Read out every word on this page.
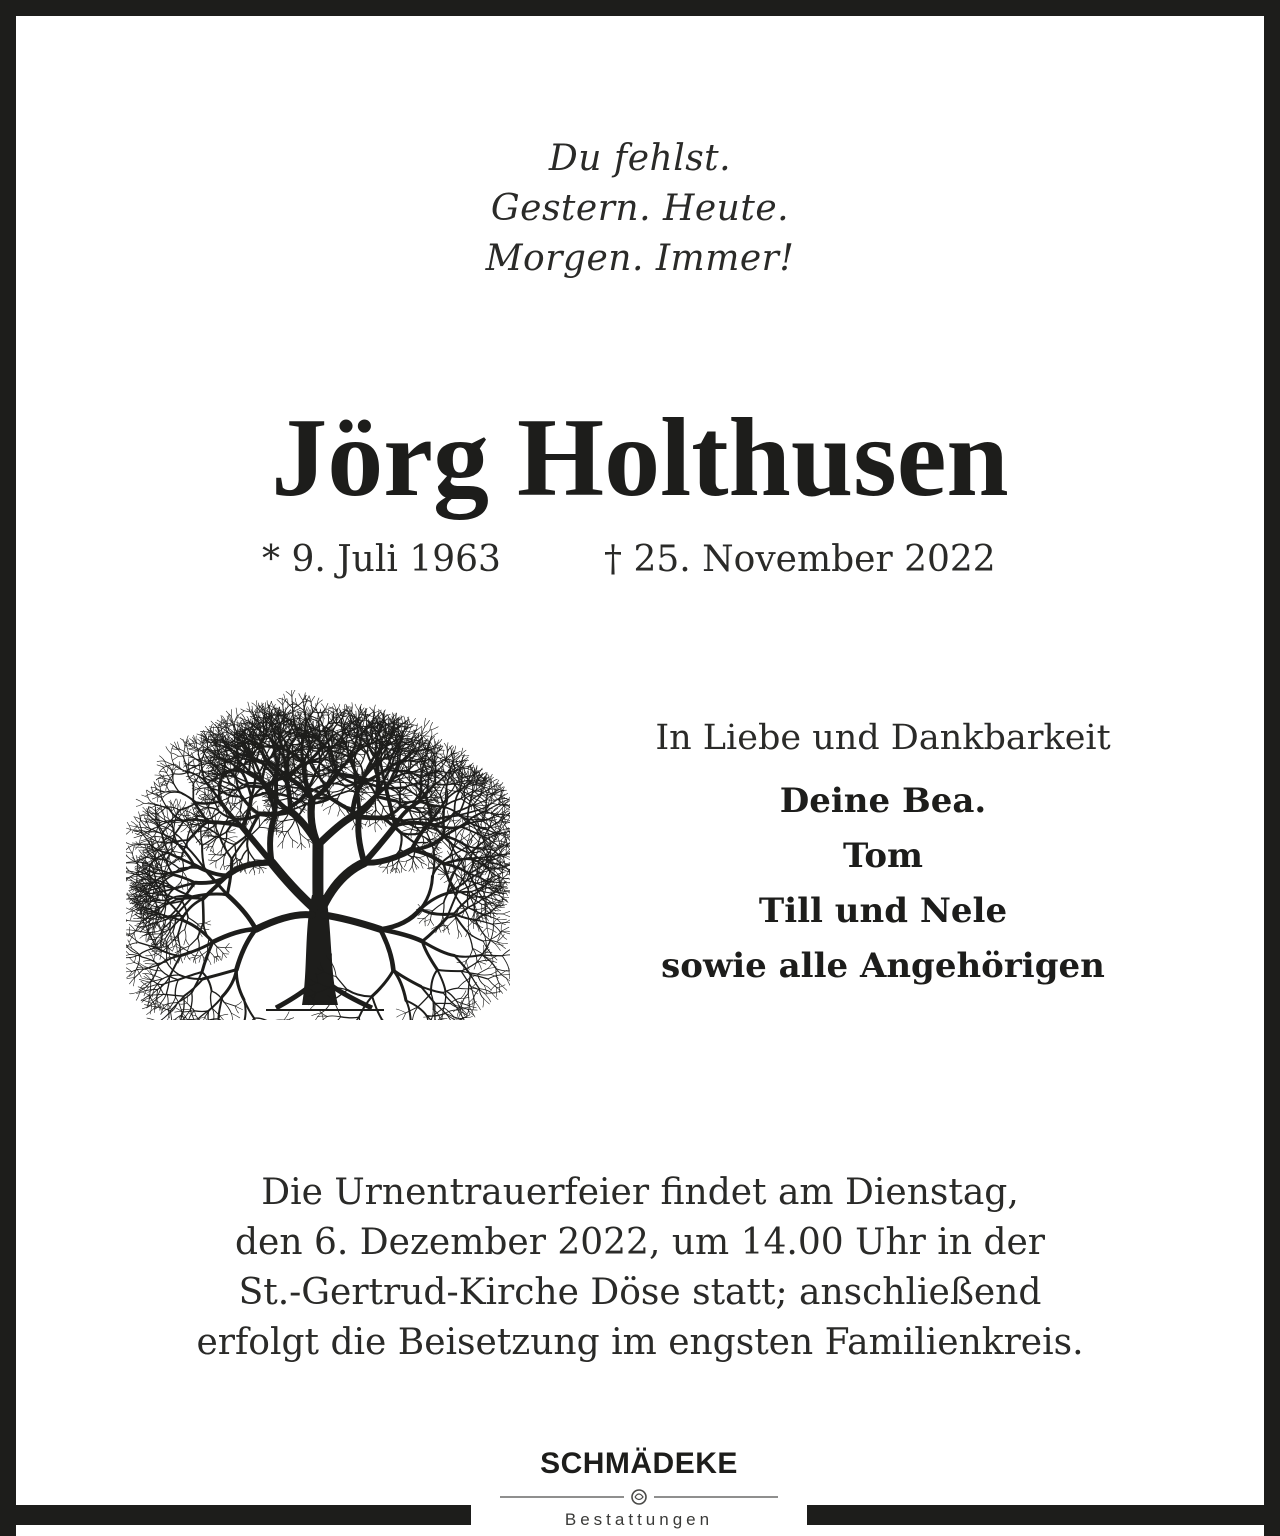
Du fehlst.
Gestern. Heute.
Morgen. Immer!
Jörg Holthusen
* 9. Juli 1963	† 25. November 2022
In Liebe und Dankbarkeit
Deine Bea.
Tom
Till und Nele
sowie alle Angehörigen
Die Urnentrauerfeier findet am Dienstag,
den 6. Dezember 2022, um 14.00 Uhr in der
St.-Gertrud-Kirche Döse statt; anschließend
erfolgt die Beisetzung im engsten Familienkreis.
SCHMÄDEKE
Bestattungen
